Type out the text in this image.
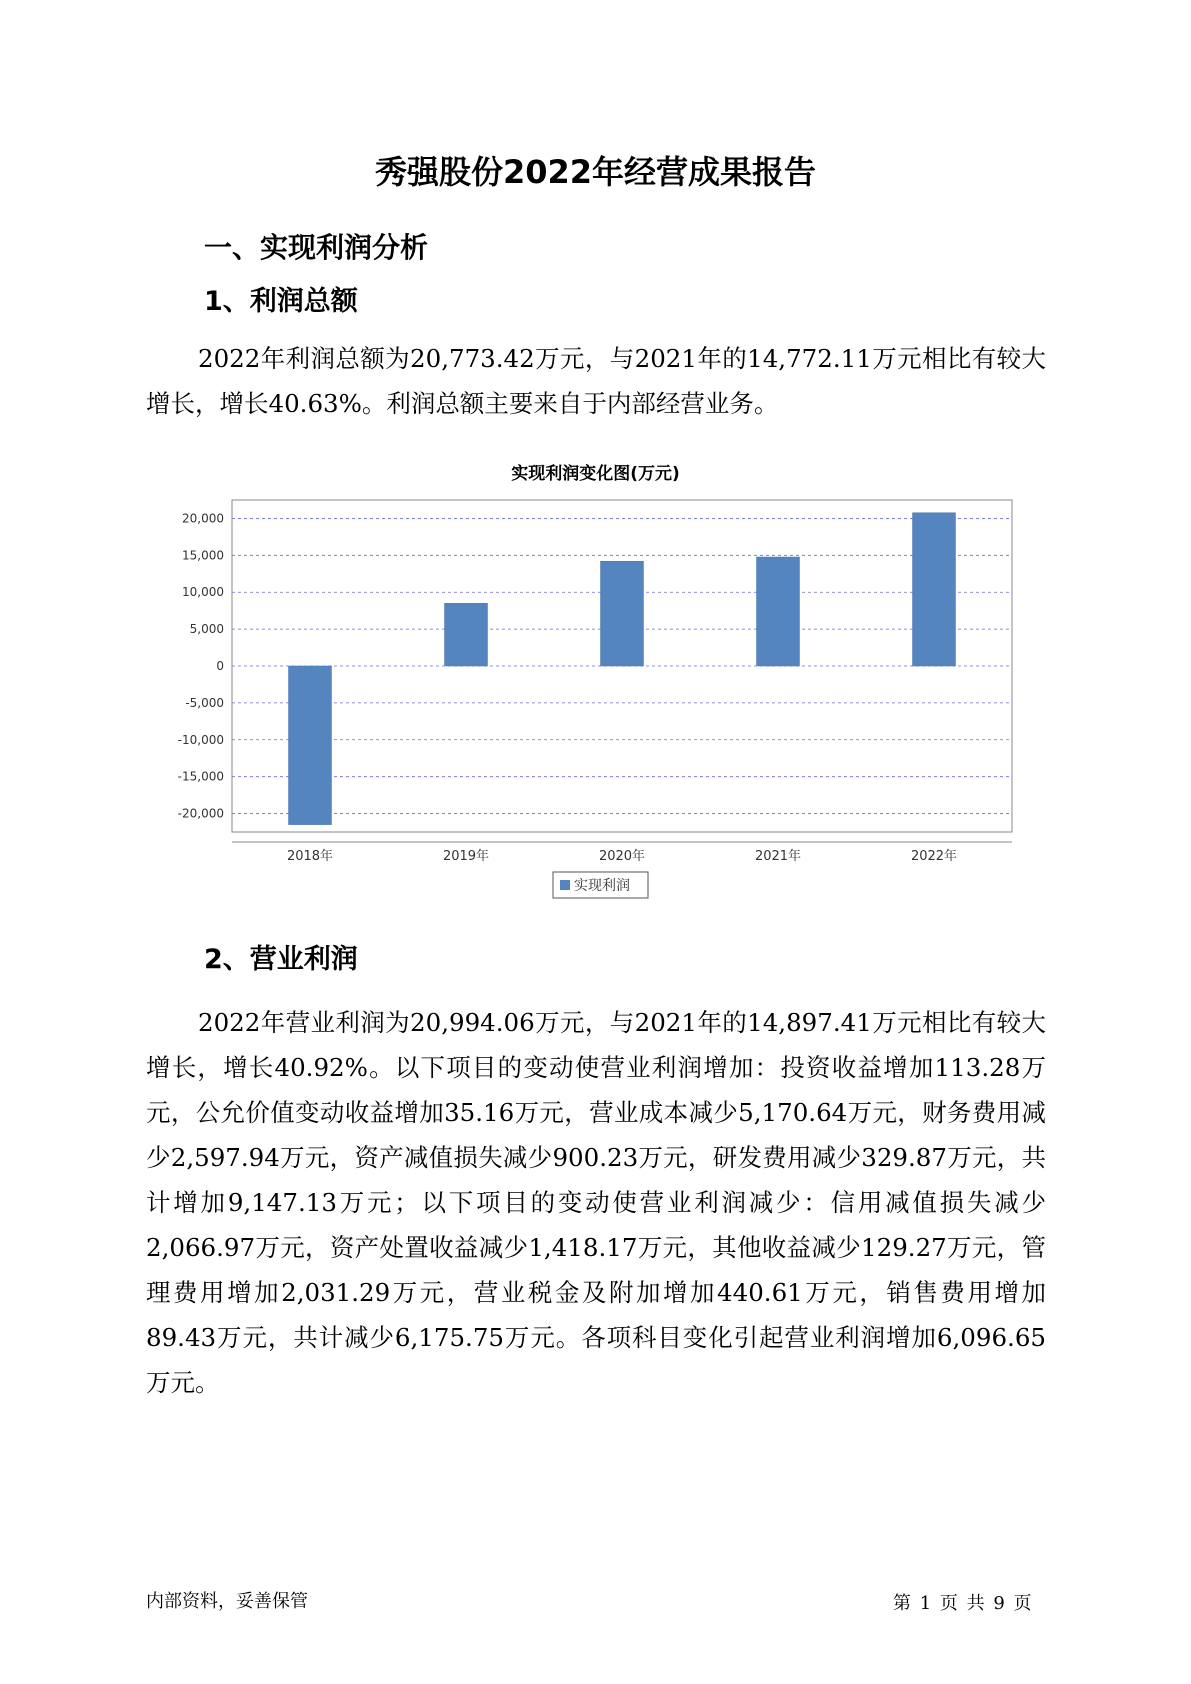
秀强股份2022年经营成果报告
一、实现利润分析
1、利润总额

2022年利润总额为20,773.42万元，与2021年的14,772.11万元相比有较大增长，增长40.63%。利润总额主要来自于内部经营业务。

实现利润变化图(万元)
20,000
15,000
10,000
5,000
0
-5,000
-10,000
-15,000
-20,000
2018年	2019年	2020年	2021年	2022年
实现利润
2、营业利润

2022年营业利润为20,994.06万元，与2021年的14,897.41万元相比有较大增长，增长40.92%。以下项目的变动使营业利润增加：投资收益增加113.28万元，公允价值变动收益增加35.16万元，营业成本减少5,170.64万元，财务费用减少2,597.94万元，资产减值损失减少900.23万元，研发费用减少329.87万元，共计增加9,147.13万元；以下项目的变动使营业利润减少：信用减值损失减少2,066.97万元，资产处置收益减少1,418.17万元，其他收益减少129.27万元，管理费用增加2,031.29万元，营业税金及附加增加440.61万元，销售费用增加89.43万元，共计减少6,175.75万元。各项科目变化引起营业利润增加6,096.65万元。

内部资料，妥善保管	第 1 页 共 9 页
